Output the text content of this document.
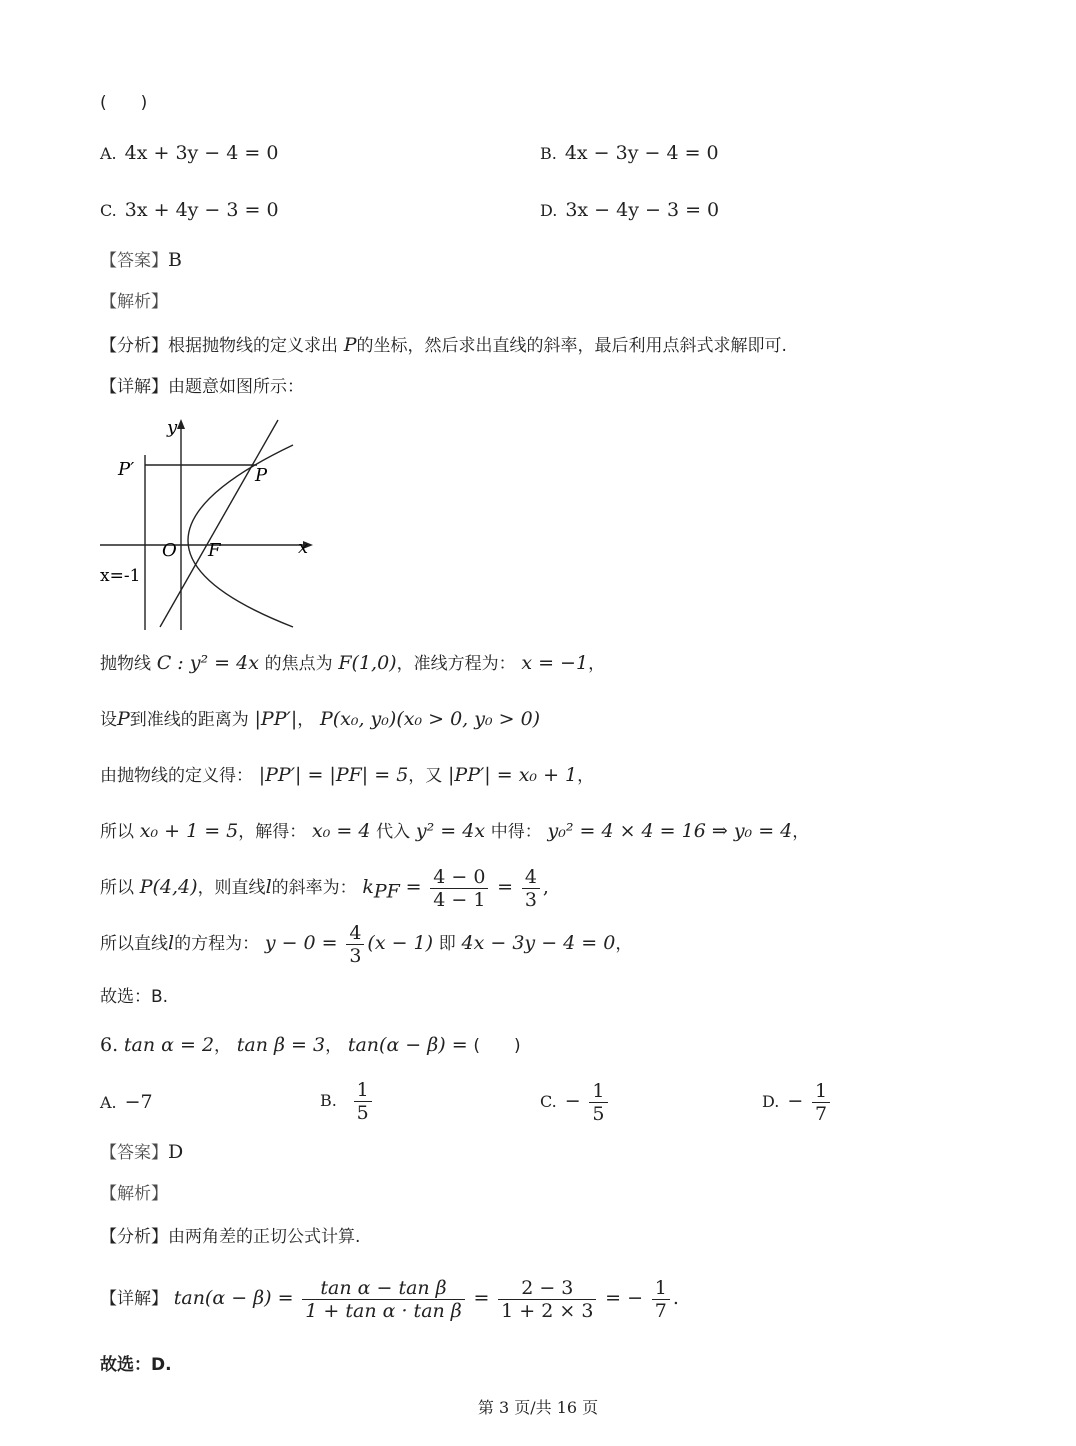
(　　)
A. 4x + 3y − 4 = 0	B. 4x − 3y − 4 = 0
C. 3x + 4y − 3 = 0	D. 3x − 4y − 3 = 0
【答案】B
【解析】
【分析】根据抛物线的定义求出 P的坐标，然后求出直线的斜率，最后利用点斜式求解即可.
【详解】由题意如图所示：
y
x
P′	P
O F
x=-1
抛物线 C : y² = 4x 的焦点为 F(1,0)，准线方程为： x = −1，
设P到准线的距离为 |PP′|， P(x₀, y₀)(x₀ > 0, y₀ > 0)
由抛物线的定义得： |PP′| = |PF| = 5，又 |PP′| = x₀ + 1，
所以 x₀ + 1 = 5，解得： x₀ = 4 代入 y² = 4x 中得： y₀² = 4 × 4 = 16 ⇒ y₀ = 4，
所以 P(4,4)，则直线l的斜率为： $k_{PF} = \frac{4 - 0}{4 - 1} = \frac{4}{3}$ ,
所以直线l的方程为： $y - 0 = \frac{4}{3} (x - 1)$ 即 4x − 3y − 4 = 0，
故选：B.
6. tan α = 2， tan β = 3， tan(α − β) = (　　)
A. −7	B. $\frac{1}{5}$	C. − $\frac{1}{5}$	D. − $\frac{1}{7}$
【答案】D
【解析】
【分析】由两角差的正切公式计算.
【详解】 $\tan(\alpha - \beta) = \frac{\text{tan α − tan β}}{\text{1 + tan α · tan β}} = \frac{2 - 3}{1 + 2 \times 3}$ = − $\frac{1}{7}$ .
故选：D.
第 3 页/共 16 页
